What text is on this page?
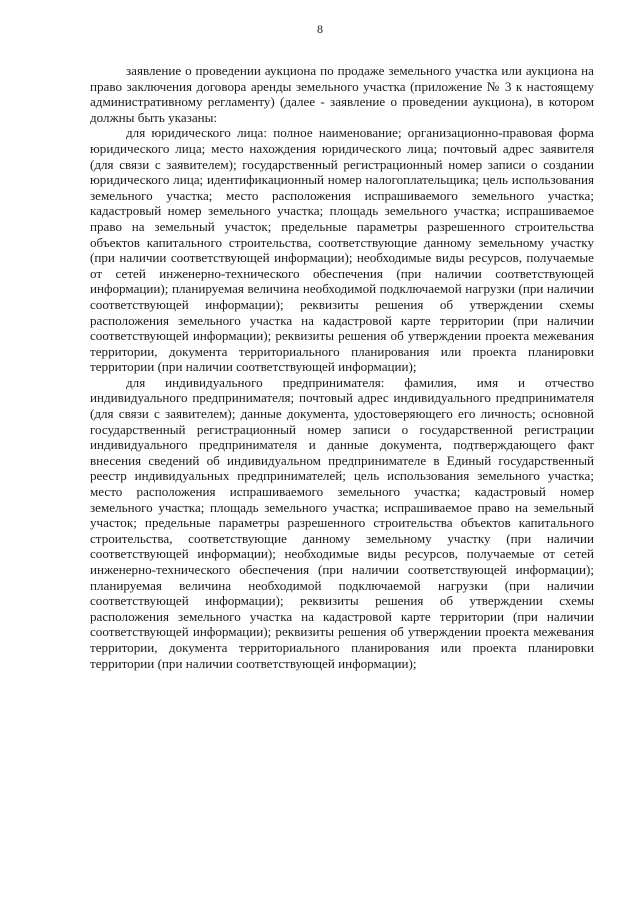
8

заявление о проведении аукциона по продаже земельного участка или аукциона на право заключения договора аренды земельного участка (приложение № 3 к настоящему административному регламенту) (далее - заявление о проведении аукциона), в котором должны быть указаны:

для юридического лица: полное наименование; организационно-правовая форма юридического лица; место нахождения юридического лица; почтовый адрес заявителя (для связи с заявителем); государственный регистрационный номер записи о создании юридического лица; идентификационный номер налогоплательщика; цель использования земельного участка; место расположения испрашиваемого земельного участка; кадастровый номер земельного участка; площадь земельного участка; испрашиваемое право на земельный участок; предельные параметры разрешенного строительства объектов капитального строительства, соответствующие данному земельному участку (при наличии соответствующей информации); необходимые виды ресурсов, получаемые от сетей инженерно-технического обеспечения (при наличии соответствующей информации); планируемая величина необходимой подключаемой нагрузки (при наличии соответствующей информации); реквизиты решения об утверждении схемы расположения земельного участка на кадастровой карте территории (при наличии соответствующей информации); реквизиты решения об утверждении проекта межевания территории, документа территориального планирования или проекта планировки территории (при наличии соответствующей информации);

для индивидуального предпринимателя: фамилия, имя и отчество индивидуального предпринимателя; почтовый адрес индивидуального предпринимателя (для связи с заявителем); данные документа, удостоверяющего его личность; основной государственный регистрационный номер записи о государственной регистрации индивидуального предпринимателя и данные документа, подтверждающего факт внесения сведений об индивидуальном предпринимателе в Единый государственный реестр индивидуальных предпринимателей; цель использования земельного участка; место расположения испрашиваемого земельного участка; кадастровый номер земельного участка; площадь земельного участка; испрашиваемое право на земельный участок; предельные параметры разрешенного строительства объектов капитального строительства, соответствующие данному земельному участку (при наличии соответствующей информации); необходимые виды ресурсов, получаемые от сетей инженерно-технического обеспечения (при наличии соответствующей информации); планируемая величина необходимой подключаемой нагрузки (при наличии соответствующей информации); реквизиты решения об утверждении схемы расположения земельного участка на кадастровой карте территории (при наличии соответствующей информации); реквизиты решения об утверждении проекта межевания территории, документа территориального планирования или проекта планировки территории (при наличии соответствующей информации);
